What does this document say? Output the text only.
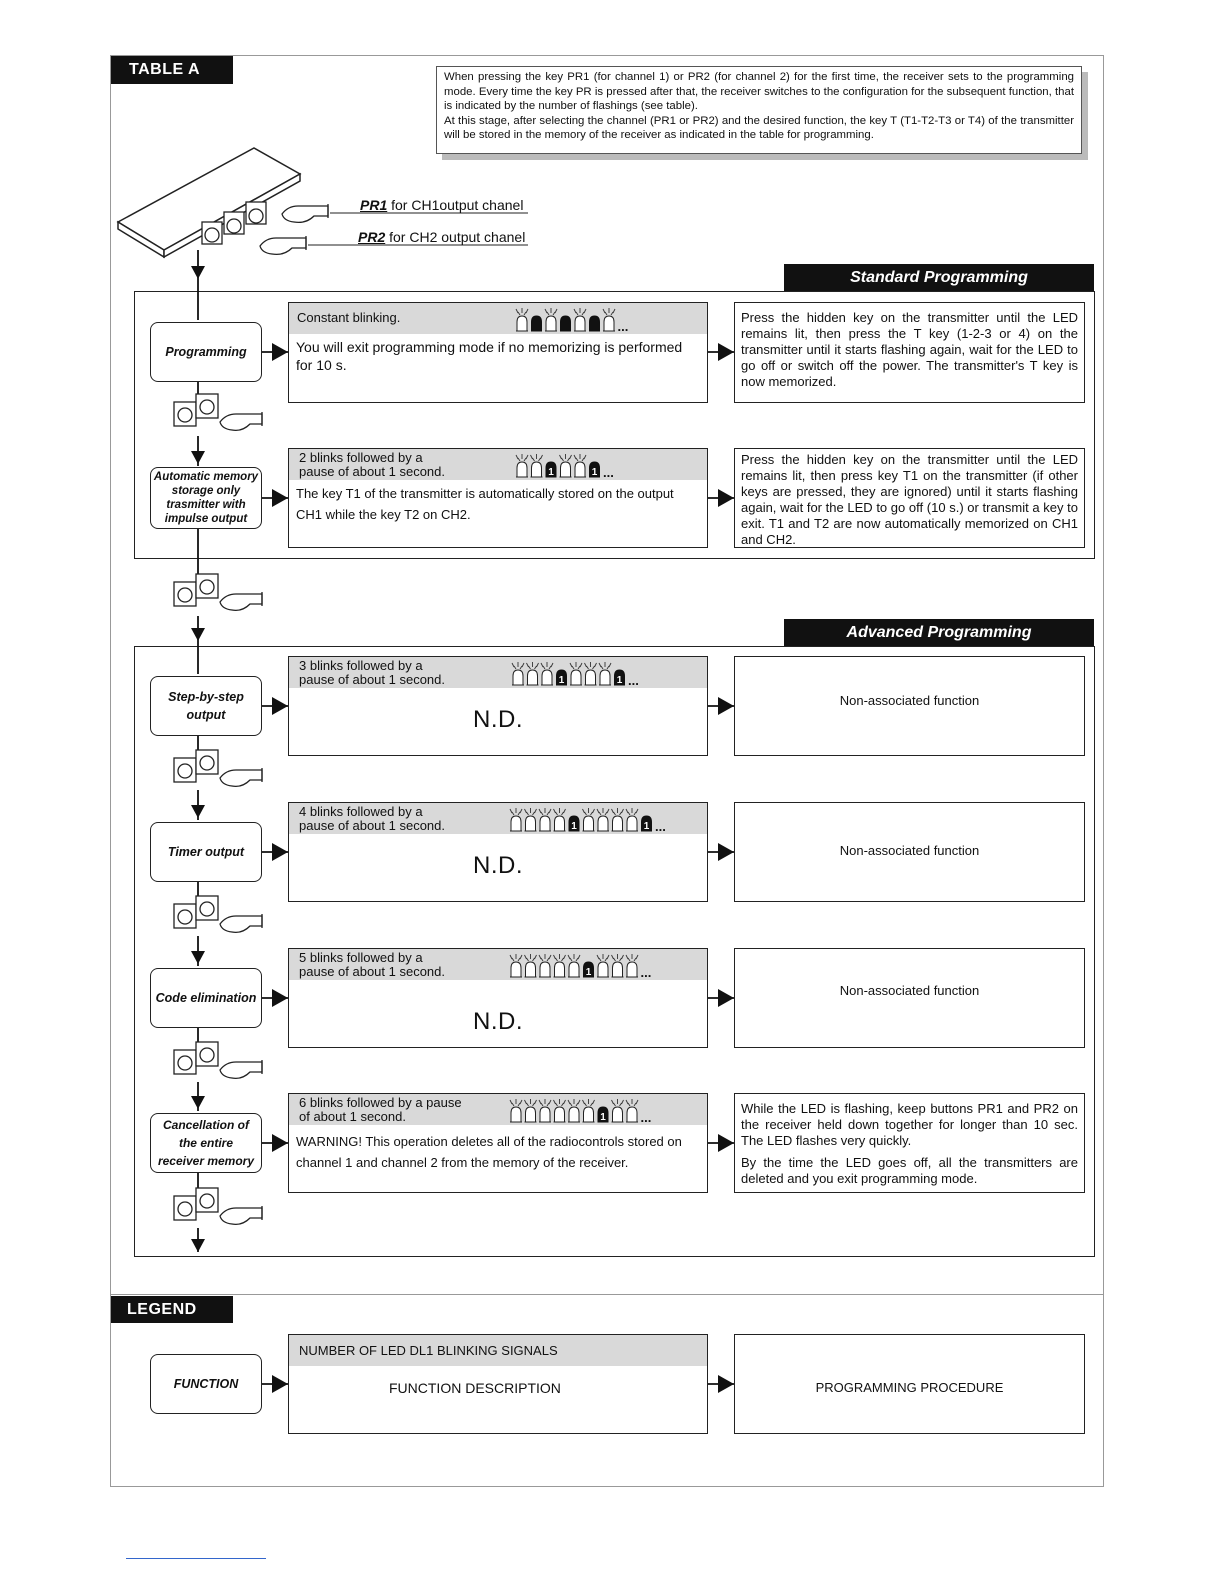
TABLE A	When pressing the key PR1 (for channel 1) or PR2 (for channel 2) for the first time, the receiver sets to the programming mode. Every time the key PR is pressed after that, the receiver switches to the configuration for the subsequent function, that is indicated by the number of flashings (see table).

At this stage, after selecting the channel (PR1 or PR2) and the desired function, the key T (T1-T2-T3 or T4) of the transmitter will be stored in the memory of the receiver as indicated in the table for programming.

PR1 for CH1output chanel
PR2 for CH2 output chanel
Standard Programming
Advanced Programming
Programming
Constant blinking.
...
You will exit programming mode if no memorizing is performed for 10 s.

Press the hidden key on the transmitter until the LED remains lit, then press the T key (1-2-3 or 4) on the transmitter until it starts flashing again, wait for the LED to go off or switch off the power. The transmitter's T key is now memorized.

Automatic memory storage only trasmitter with impulse output
2 blinks followed by a
pause of about 1 second.	1	1 ...
The key T1 of the transmitter is automatically stored on the output CH1 while the key T2 on CH2.

Press the hidden key on the transmitter until the LED remains lit, then press key T1 on the transmitter (if other keys are pressed, they are ignored) until it starts flashing again, wait for the LED to go off (10 s.) or transmit a key to exit. T1 and T2 are now automatically memorized on CH1 and CH2.

Step-by-step
output
3 blinks followed by a
pause of about 1 second.	1	1 ...
N.D.

Non-associated function

Timer output
4 blinks followed by a
pause of about 1 second.	1	1 ...
N.D.

Non-associated function

Code elimination
5 blinks followed by a
pause of about 1 second.	1	...
N.D.

Non-associated function

Cancellation of
the entire
receiver memory
6 blinks followed by a pause
of about 1 second.	1	...
WARNING! This operation deletes all of the radiocontrols stored on channel 1 and channel 2 from the memory of the receiver.

While the LED is flashing, keep buttons PR1 and PR2 on the receiver held down together for longer than 10 sec. The LED flashes very quickly.

By the time the LED goes off, all the transmitters are deleted and you exit programming mode.

LEGEND
FUNCTION
NUMBER OF LED DL1 BLINKING SIGNALS
FUNCTION DESCRIPTION	PROGRAMMING PROCEDURE
